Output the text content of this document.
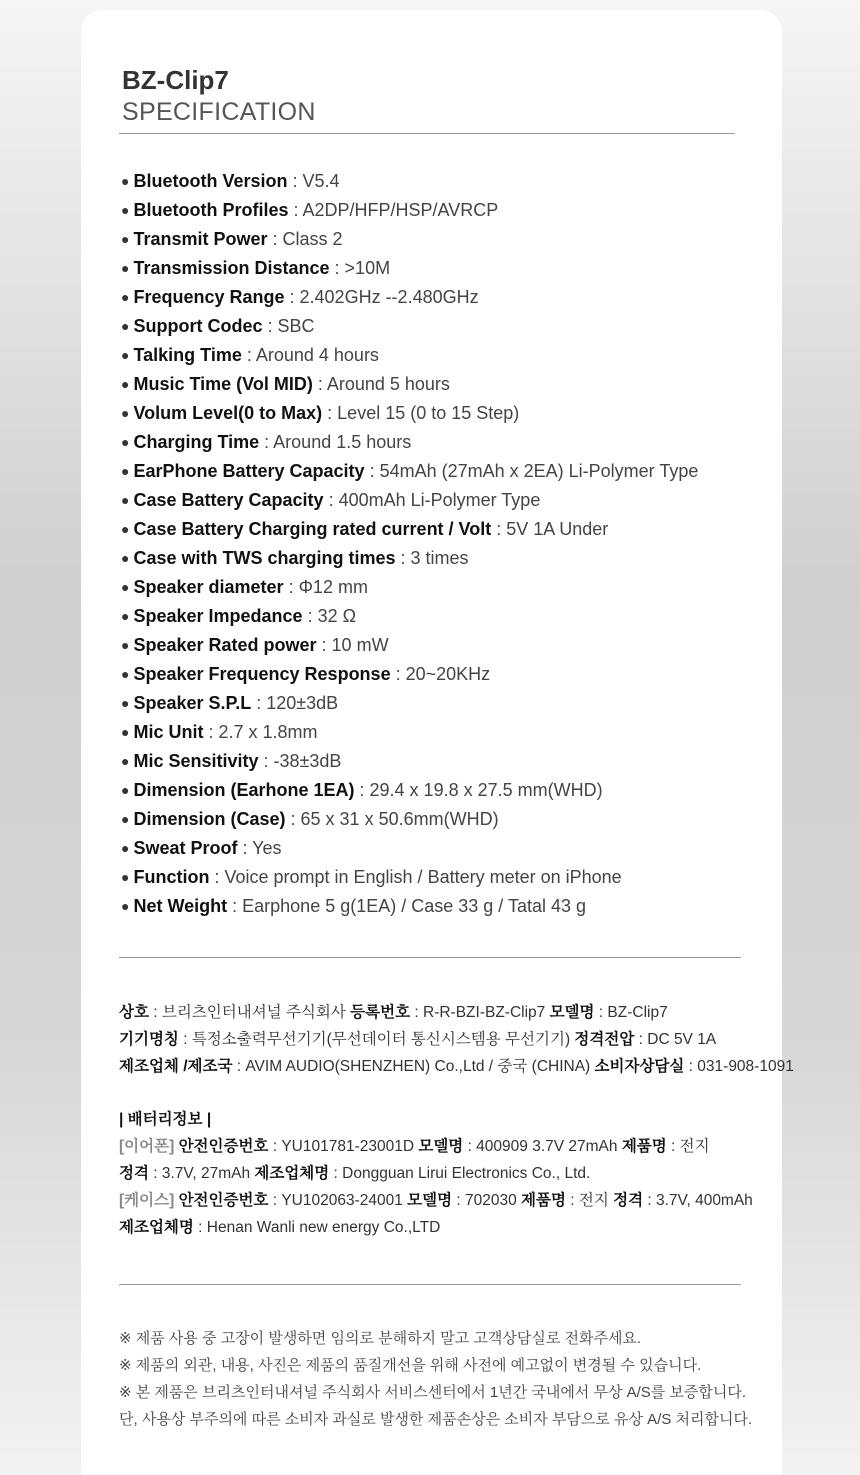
BZ-Clip7
SPECIFICATION
● Bluetooth Version : V5.4
● Bluetooth Profiles : A2DP/HFP/HSP/AVRCP
● Transmit Power : Class 2
● Transmission Distance : >10M
● Frequency Range : 2.402GHz --2.480GHz
● Support Codec : SBC
● Talking Time : Around 4 hours
● Music Time (Vol MID) : Around 5 hours
● Volum Level(0 to Max) : Level 15 (0 to 15 Step)
● Charging Time : Around 1.5 hours
● EarPhone Battery Capacity : 54mAh (27mAh x 2EA) Li-Polymer Type
● Case Battery Capacity : 400mAh Li-Polymer Type
● Case Battery Charging rated current / Volt : 5V 1A Under
● Case with TWS charging times : 3 times
● Speaker diameter : Φ12 mm
● Speaker Impedance : 32 Ω
● Speaker Rated power : 10 mW
● Speaker Frequency Response : 20~20KHz
● Speaker S.P.L : 120±3dB
● Mic Unit : 2.7 x 1.8mm
● Mic Sensitivity : -38±3dB
● Dimension (Earhone 1EA) : 29.4 x 19.8 x 27.5 mm(WHD)
● Dimension (Case) : 65 x 31 x 50.6mm(WHD)
● Sweat Proof : Yes
● Function : Voice prompt in English / Battery meter on iPhone
● Net Weight : Earphone 5 g(1EA) / Case 33 g / Tatal 43 g
상호 : 브리츠인터내셔널 주식회사 등록번호 : R-R-BZI-BZ-Clip7 모델명 : BZ-Clip7
기기명칭 : 특정소출력무선기기(무선데이터 통신시스템용 무선기기) 정격전압 : DC 5V 1A
제조업체 /제조국 : AVIM AUDIO(SHENZHEN) Co.,Ltd / 중국 (CHINA) 소비자상담실 : 031-908-1091
| 배터리정보 |
[이어폰] 안전인증번호 : YU101781-23001D 모델명 : 400909 3.7V 27mAh 제품명 : 전지
정격 : 3.7V, 27mAh 제조업체명 : Dongguan Lirui Electronics Co., Ltd.
[케이스] 안전인증번호 : YU102063-24001 모델명 : 702030 제품명 : 전지 정격 : 3.7V, 400mAh
제조업체명 : Henan Wanli new energy Co.,LTD
※ 제품 사용 중 고장이 발생하면 임의로 분해하지 말고 고객상담실로 전화주세요.
※ 제품의 외관, 내용, 사진은 제품의 품질개선을 위해 사전에 예고없이 변경될 수 있습니다.
※ 본 제품은 브리츠인터내셔널 주식회사 서비스센터에서 1년간 국내에서 무상 A/S를 보증합니다.
단, 사용상 부주의에 따른 소비자 과실로 발생한 제품손상은 소비자 부담으로 유상 A/S 처리합니다.
